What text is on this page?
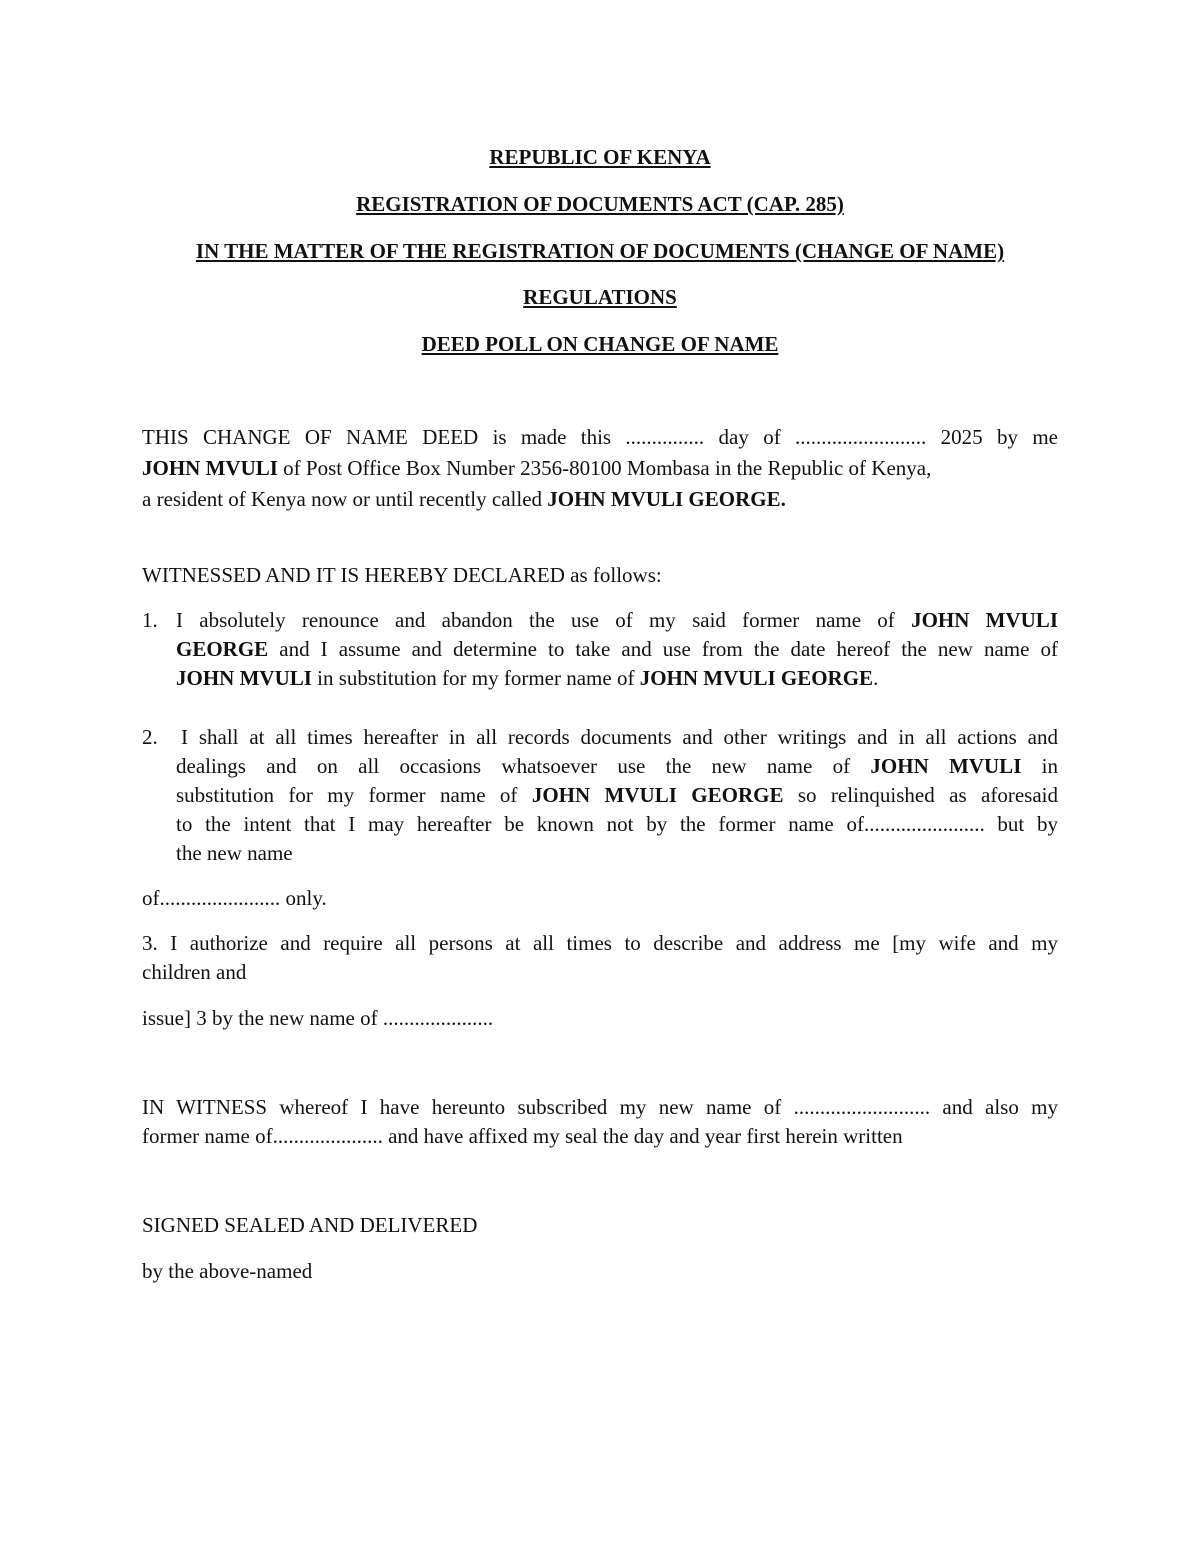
REPUBLIC OF KENYA
REGISTRATION OF DOCUMENTS ACT (CAP. 285)
IN THE MATTER OF THE REGISTRATION OF DOCUMENTS (CHANGE OF NAME)
REGULATIONS
DEED POLL ON CHANGE OF NAME
THIS CHANGE OF NAME DEED is made this ............... day of ......................... 2025 by me
JOHN MVULI of Post Office Box Number 2356-80100 Mombasa in the Republic of Kenya,
a resident of Kenya now or until recently called JOHN MVULI GEORGE.
WITNESSED AND IT IS HEREBY DECLARED as follows:
1. I absolutely renounce and abandon the use of my said former name of JOHN MVULI
GEORGE and I assume and determine to take and use from the date hereof the new name of
JOHN MVULI in substitution for my former name of JOHN MVULI GEORGE.
2. I shall at all times hereafter in all records documents and other writings and in all actions and
dealings and on all occasions whatsoever use the new name of JOHN MVULI in
substitution for my former name of JOHN MVULI GEORGE so relinquished as aforesaid
to the intent that I may hereafter be known not by the former name of....................... but by
the new name
of....................... only.
3. I authorize and require all persons at all times to describe and address me [my wife and my
children and
issue] 3 by the new name of .....................
IN WITNESS whereof I have hereunto subscribed my new name of .......................... and also my
former name of..................... and have affixed my seal the day and year first herein written
SIGNED SEALED AND DELIVERED
by the above-named
